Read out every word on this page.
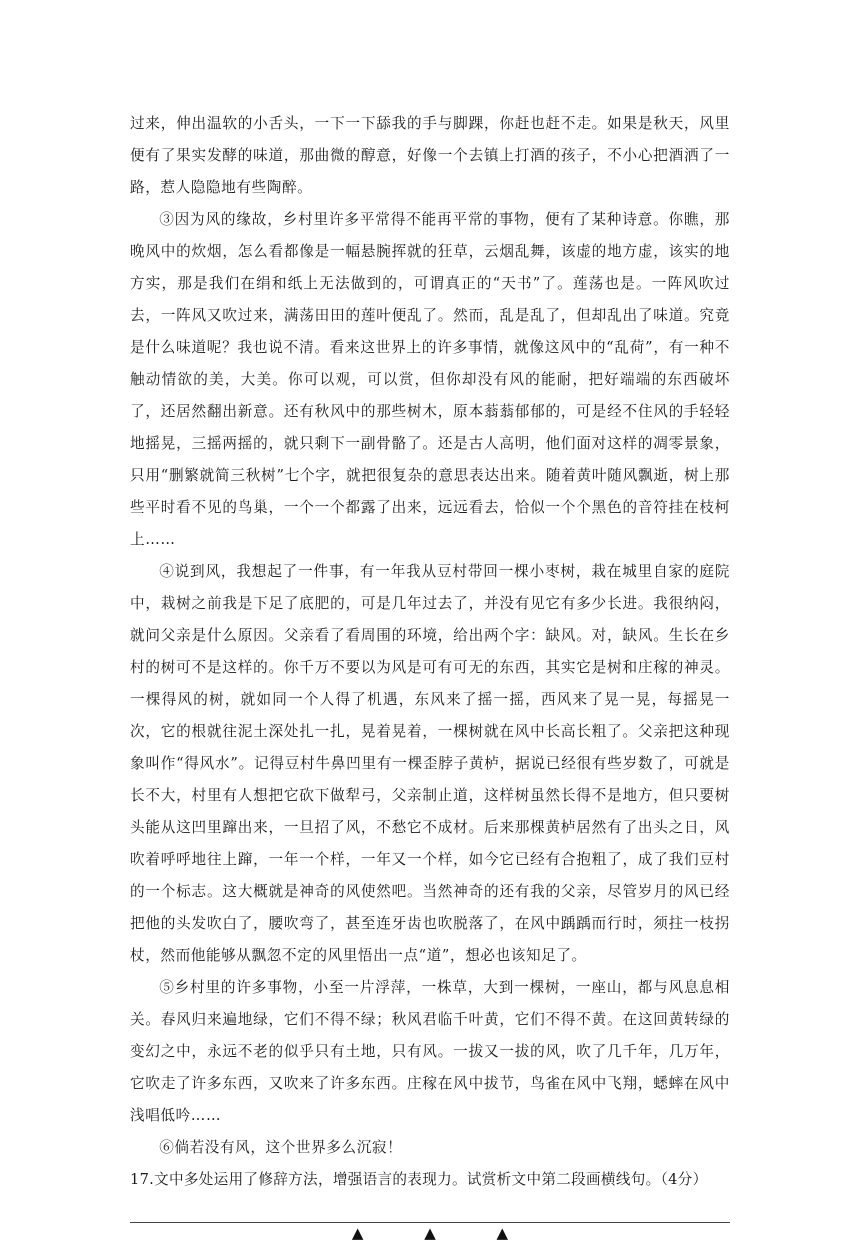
过来，伸出温软的小舌头，一下一下舔我的手与脚踝，你赶也赶不走。如果是秋天，风里便有了果实发酵的味道，那曲微的醇意，好像一个去镇上打酒的孩子，不小心把酒洒了一路，惹人隐隐地有些陶醉。

③因为风的缘故，乡村里许多平常得不能再平常的事物，便有了某种诗意。你瞧，那晚风中的炊烟，怎么看都像是一幅悬腕挥就的狂草，云烟乱舞，该虚的地方虚，该实的地方实，那是我们在绢和纸上无法做到的，可谓真正的“天书”了。莲荡也是。一阵风吹过去，一阵风又吹过来，满荡田田的莲叶便乱了。然而，乱是乱了，但却乱出了味道。究竟是什么味道呢？我也说不清。看来这世界上的许多事情，就像这风中的“乱荷”，有一种不触动情欲的美，大美。你可以观，可以赏，但你却没有风的能耐，把好端端的东西破坏了，还居然翻出新意。还有秋风中的那些树木，原本蓊蓊郁郁的，可是经不住风的手轻轻地摇晃，三摇两摇的，就只剩下一副骨骼了。还是古人高明，他们面对这样的凋零景象，只用“删繁就简三秋树”七个字，就把很复杂的意思表达出来。随着黄叶随风飘逝，树上那些平时看不见的鸟巢，一个一个都露了出来，远远看去，恰似一个个黑色的音符挂在枝柯上……

④说到风，我想起了一件事，有一年我从豆村带回一棵小枣树，栽在城里自家的庭院中，栽树之前我是下足了底肥的，可是几年过去了，并没有见它有多少长进。我很纳闷，就问父亲是什么原因。父亲看了看周围的环境，给出两个字：缺风。对，缺风。生长在乡村的树可不是这样的。你千万不要以为风是可有可无的东西，其实它是树和庄稼的神灵。一棵得风的树，就如同一个人得了机遇，东风来了摇一摇，西风来了晃一晃，每摇晃一次，它的根就往泥土深处扎一扎，晃着晃着，一棵树就在风中长高长粗了。父亲把这种现象叫作“得风水”。记得豆村牛鼻凹里有一棵歪脖子黄栌，据说已经很有些岁数了，可就是长不大，村里有人想把它砍下做犁弓，父亲制止道，这样树虽然长得不是地方，但只要树头能从这凹里蹿出来，一旦招了风，不愁它不成材。后来那棵黄栌居然有了出头之日，风吹着呼呼地往上蹿，一年一个样，一年又一个样，如今它已经有合抱粗了，成了我们豆村的一个标志。这大概就是神奇的风使然吧。当然神奇的还有我的父亲，尽管岁月的风已经把他的头发吹白了，腰吹弯了，甚至连牙齿也吹脱落了，在风中踽踽而行时，须拄一枝拐杖，然而他能够从飘忽不定的风里悟出一点“道”，想必也该知足了。

⑤乡村里的许多事物，小至一片浮萍，一株草，大到一棵树，一座山，都与风息息相关。春风归来遍地绿，它们不得不绿；秋风君临千叶黄，它们不得不黄。在这回黄转绿的变幻之中，永远不老的似乎只有土地，只有风。一拔又一拔的风，吹了几千年，几万年，它吹走了许多东西，又吹来了许多东西。庄稼在风中拔节，鸟雀在风中飞翔，蟋蟀在风中浅唱低吟……

⑥倘若没有风，这个世界多么沉寂！

17.文中多处运用了修辞方法，增强语言的表现力。试赏析文中第二段画横线句。（4分）

▲ ▲ ▲
